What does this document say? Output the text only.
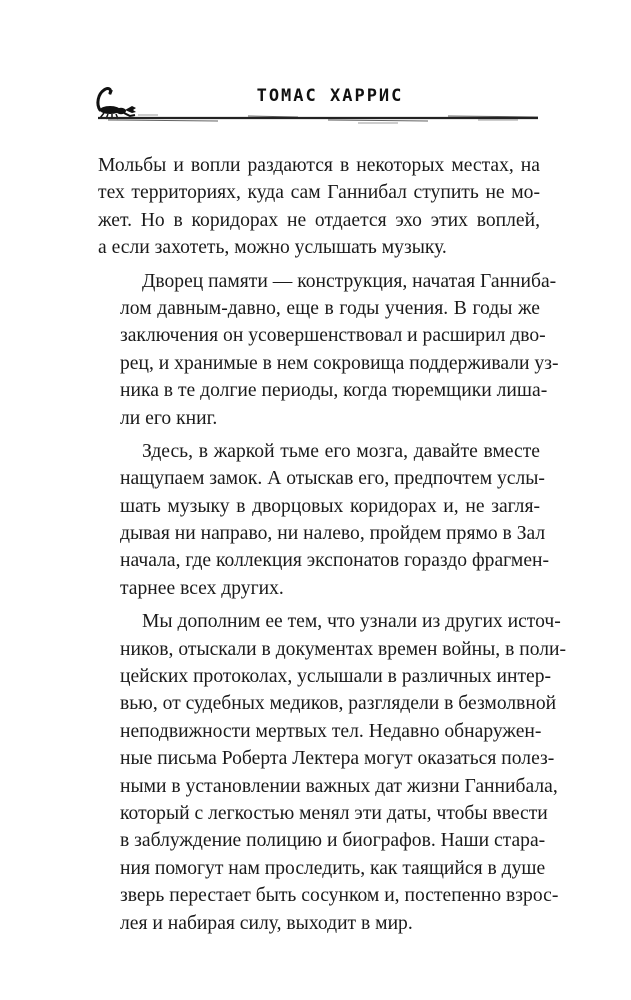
ТОМАС ХАРРИС
Мольбы и вопли раздаются в некоторых местах, на
тех территориях, куда сам Ганнибал ступить не мо-
жет. Но в коридорах не отдается эхо этих воплей,
а если захотеть, можно услышать музыку.
Дворец памяти — конструкция, начатая Ганниба-
лом давным-давно, еще в годы учения. В годы же
заключения он усовершенствовал и расширил дво-
рец, и хранимые в нем сокровища поддерживали уз-
ника в те долгие периоды, когда тюремщики лиша-
ли его книг.
Здесь, в жаркой тьме его мозга, давайте вместе
нащупаем замок. А отыскав его, предпочтем услы-
шать музыку в дворцовых коридорах и, не загля-
дывая ни направо, ни налево, пройдем прямо в Зал
начала, где коллекция экспонатов гораздо фрагмен-
тарнее всех других.
Мы дополним ее тем, что узнали из других источ-
ников, отыскали в документах времен войны, в поли-
цейских протоколах, услышали в различных интер-
вью, от судебных медиков, разглядели в безмолвной
неподвижности мертвых тел. Недавно обнаружен-
ные письма Роберта Лектера могут оказаться полез-
ными в установлении важных дат жизни Ганнибала,
который с легкостью менял эти даты, чтобы ввести
в заблуждение полицию и биографов. Наши стара-
ния помогут нам проследить, как таящийся в душе
зверь перестает быть сосунком и, постепенно взрос-
лея и набирая силу, выходит в мир.
